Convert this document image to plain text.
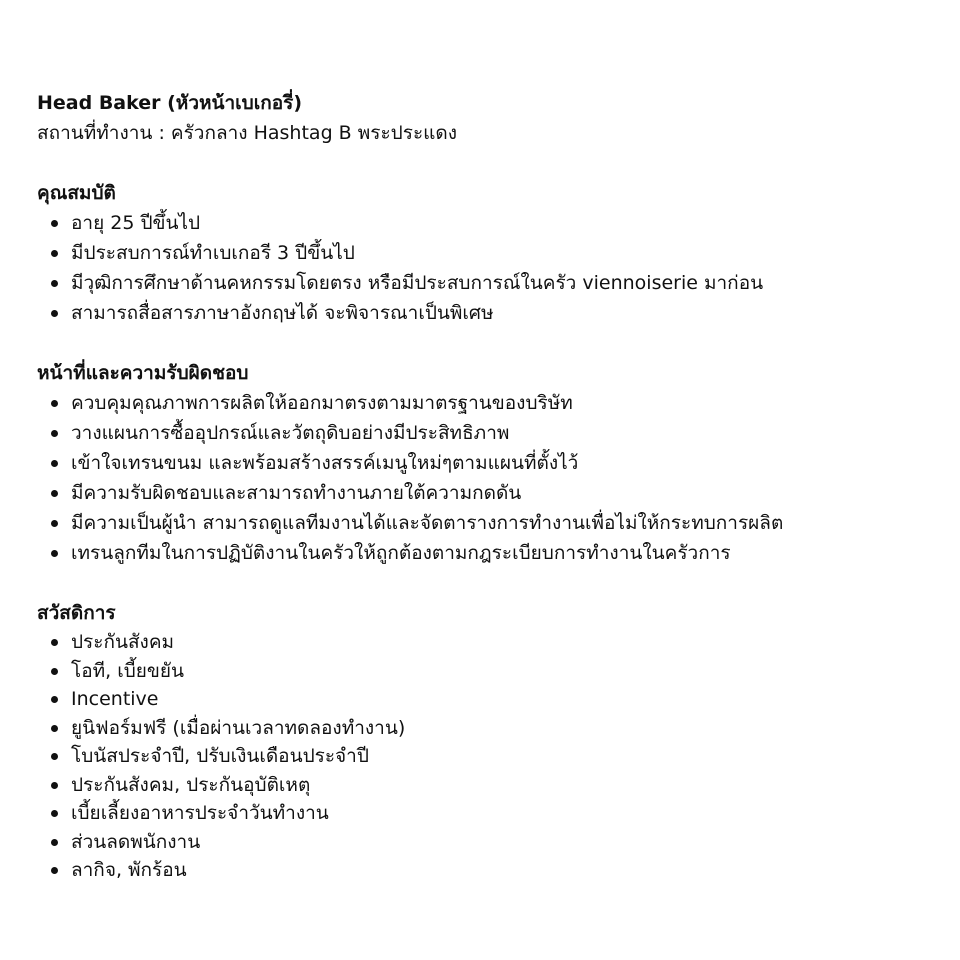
Head Baker (หัวหน้าเบเกอรี่)

สถานที่ทำงาน : ครัวกลาง Hashtag B พระประแดง

คุณสมบัติ

อายุ 25 ปีขึ้นไป
มีประสบการณ์ทำเบเกอรี 3 ปีขึ้นไป
มีวุฒิการศึกษาด้านคหกรรมโดยตรง หรือมีประสบการณ์ในครัว viennoiserie มาก่อน
สามารถสื่อสารภาษาอังกฤษได้ จะพิจารณาเป็นพิเศษ

หน้าที่และความรับผิดชอบ

ควบคุมคุณภาพการผลิตให้ออกมาตรงตามมาตรฐานของบริษัท
วางแผนการซื้ออุปกรณ์และวัตถุดิบอย่างมีประสิทธิภาพ
เข้าใจเทรนขนม และพร้อมสร้างสรรค์เมนูใหม่ๆตามแผนที่ตั้งไว้
มีความรับผิดชอบและสามารถทำงานภายใต้ความกดดัน
มีความเป็นผู้นำ สามารถดูแลทีมงานได้และจัดตารางการทำงานเพื่อไม่ให้กระทบการผลิต
เทรนลูกทีมในการปฏิบัติงานในครัวให้ถูกต้องตามกฎระเบียบการทำงานในครัวการ

สวัสดิการ

ประกันสังคม
โอที, เบี้ยขยัน
Incentive
ยูนิฟอร์มฟรี (เมื่อผ่านเวลาทดลองทำงาน)
โบนัสประจำปี, ปรับเงินเดือนประจำปี
ประกันสังคม, ประกันอุบัติเหตุ
เบี้ยเลี้ยงอาหารประจำวันทำงาน
ส่วนลดพนักงาน
ลากิจ, พักร้อน
